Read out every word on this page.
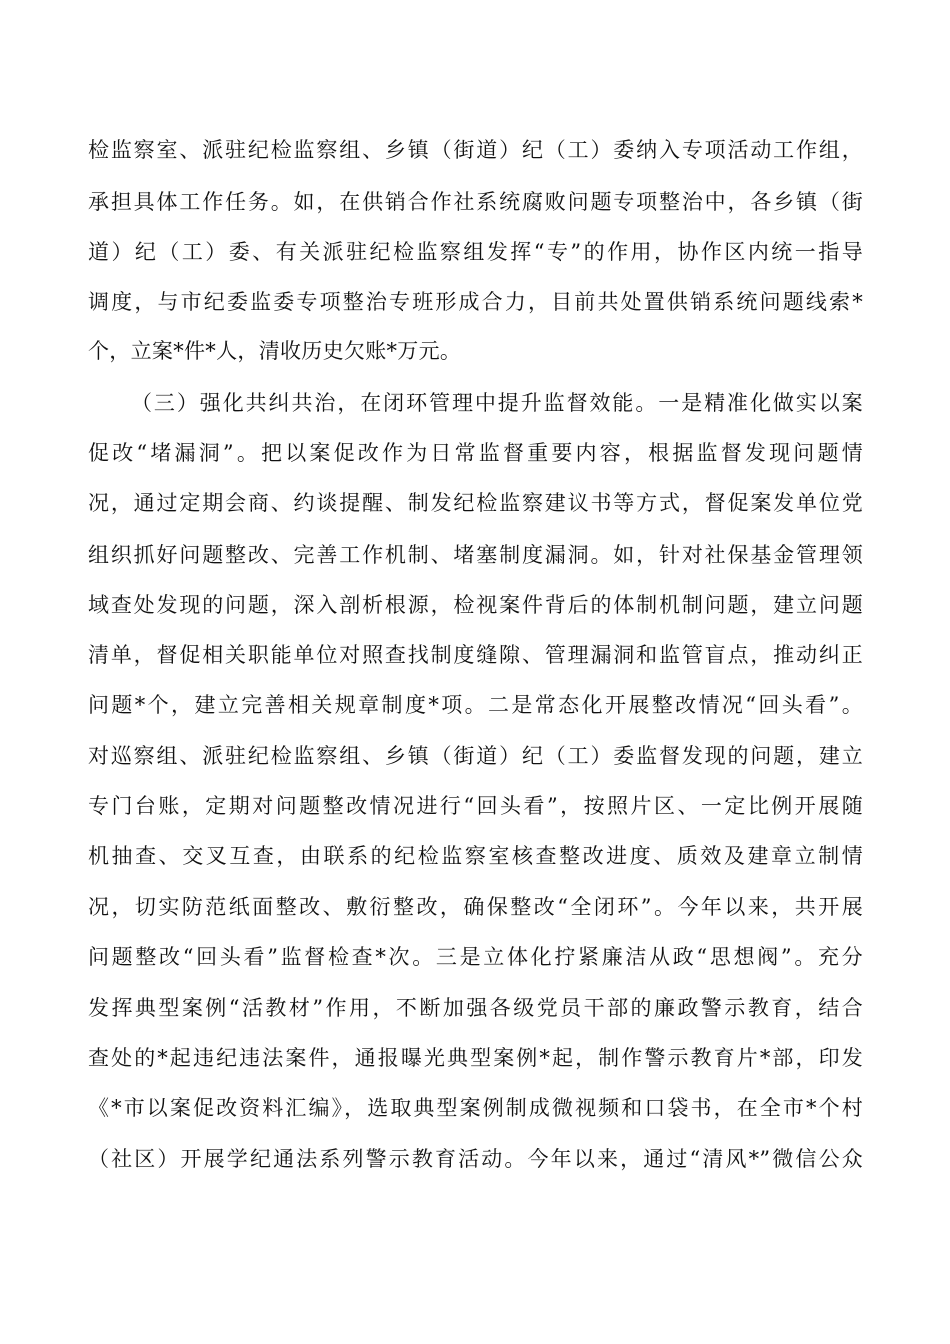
检监察室、派驻纪检监察组、乡镇（街道）纪（工）委纳入专项活动工作组，
承担具体工作任务。如，在供销合作社系统腐败问题专项整治中，各乡镇（街
道）纪（工）委、有关派驻纪检监察组发挥“专”的作用，协作区内统一指导
调度，与市纪委监委专项整治专班形成合力，目前共处置供销系统问题线索*
个，立案*件*人，清收历史欠账*万元。
（三）强化共纠共治，在闭环管理中提升监督效能。一是精准化做实以案
促改“堵漏洞”。把以案促改作为日常监督重要内容，根据监督发现问题情
况，通过定期会商、约谈提醒、制发纪检监察建议书等方式，督促案发单位党
组织抓好问题整改、完善工作机制、堵塞制度漏洞。如，针对社保基金管理领
域查处发现的问题，深入剖析根源，检视案件背后的体制机制问题，建立问题
清单，督促相关职能单位对照查找制度缝隙、管理漏洞和监管盲点，推动纠正
问题*个，建立完善相关规章制度*项。二是常态化开展整改情况“回头看”。
对巡察组、派驻纪检监察组、乡镇（街道）纪（工）委监督发现的问题，建立
专门台账，定期对问题整改情况进行“回头看”，按照片区、一定比例开展随
机抽查、交叉互查，由联系的纪检监察室核查整改进度、质效及建章立制情
况，切实防范纸面整改、敷衍整改，确保整改“全闭环”。今年以来，共开展
问题整改“回头看”监督检查*次。三是立体化拧紧廉洁从政“思想阀”。充分
发挥典型案例“活教材”作用，不断加强各级党员干部的廉政警示教育，结合
查处的*起违纪违法案件，通报曝光典型案例*起，制作警示教育片*部，印发
《*市以案促改资料汇编》，选取典型案例制成微视频和口袋书，在全市*个村
（社区）开展学纪通法系列警示教育活动。今年以来，通过“清风*”微信公众
